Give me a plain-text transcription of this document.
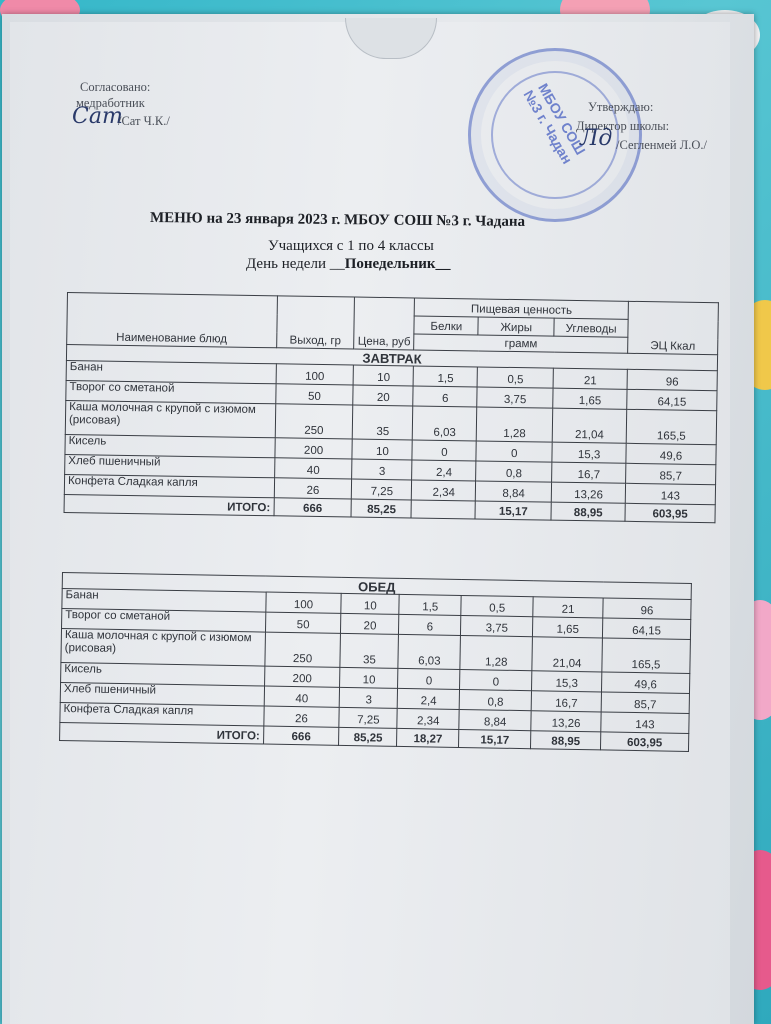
Согласовано:
медработник
Сат
/Сат Ч.К./	МБОУ СОШ №3 г. Чадан Утверждаю:
Директор школы:
Лд /Сегленмей Л.О./
МЕНЮ на 23 января 2023 г. МБОУ СОШ №3 г. Чадана
Учащихся с 1 по 4 классы
День недели __Понедельник__
Наименование блюд	Выход, гр	Цена, руб	Пищевая ценность			ЭЦ Ккал
			Белки	Жиры	Углеводы	
			грамм			
ЗАВТРАК						
Банан	100	10	1,5	0,5	21	96
Творог со сметаной	50	20	6	3,75	1,65	64,15
Каша молочная с крупой с изюмом (рисовая)	250	35	6,03	1,28	21,04	165,5
Кисель	200	10	0	0	15,3	49,6
Хлеб пшеничный	40	3	2,4	0,8	16,7	85,7
Конфета Сладкая капля	26	7,25	2,34	8,84	13,26	143
ИТОГО:	666	85,25		15,17	88,95	603,95
ОБЕД						
Банан	100	10	1,5	0,5	21	96
Творог со сметаной	50	20	6	3,75	1,65	64,15
Каша молочная с крупой с изюмом (рисовая)	250	35	6,03	1,28	21,04	165,5
Кисель	200	10	0	0	15,3	49,6
Хлеб пшеничный	40	3	2,4	0,8	16,7	85,7
Конфета Сладкая капля	26	7,25	2,34	8,84	13,26	143
ИТОГО:	666	85,25	18,27	15,17	88,95	603,95
